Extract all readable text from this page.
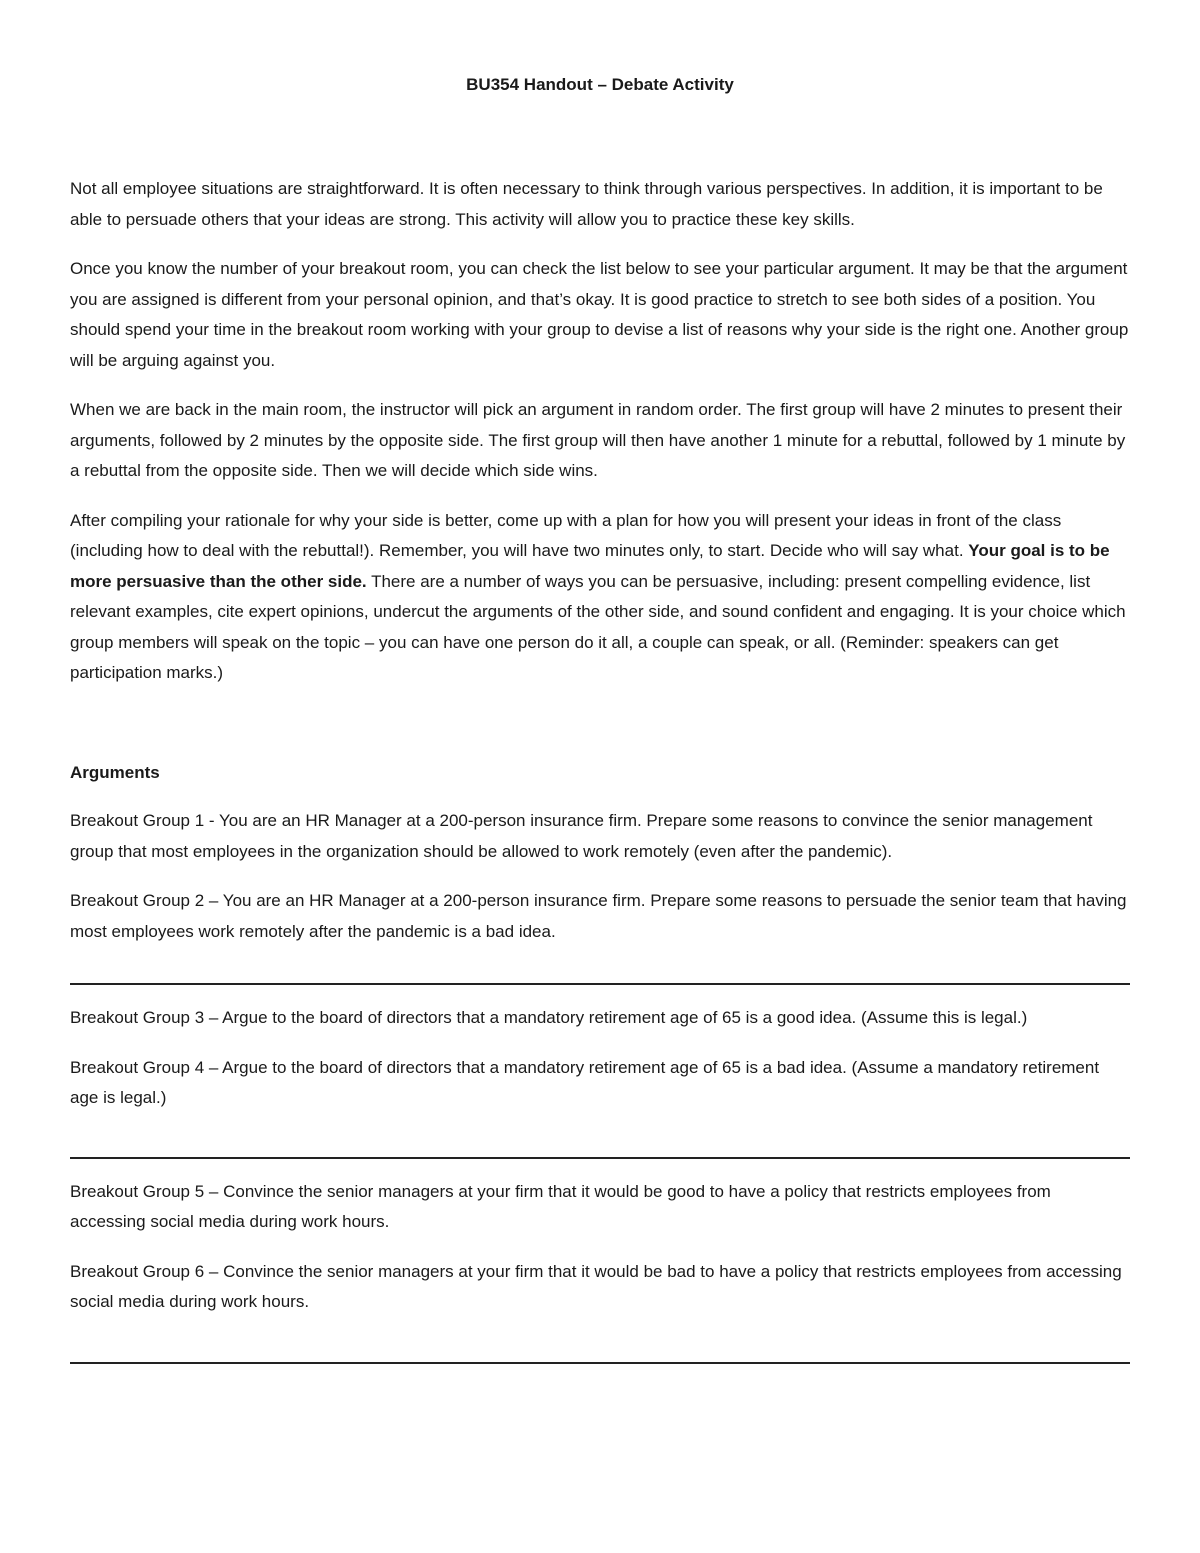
BU354 Handout – Debate Activity

Not all employee situations are straightforward. It is often necessary to think through various perspectives. In addition, it is important to be able to persuade others that your ideas are strong. This activity will allow you to practice these key skills.

Once you know the number of your breakout room, you can check the list below to see your particular argument. It may be that the argument you are assigned is different from your personal opinion, and that’s okay. It is good practice to stretch to see both sides of a position. You should spend your time in the breakout room working with your group to devise a list of reasons why your side is the right one. Another group will be arguing against you.

When we are back in the main room, the instructor will pick an argument in random order. The first group will have 2 minutes to present their arguments, followed by 2 minutes by the opposite side. The first group will then have another 1 minute for a rebuttal, followed by 1 minute by a rebuttal from the opposite side. Then we will decide which side wins.

After compiling your rationale for why your side is better, come up with a plan for how you will present your ideas in front of the class (including how to deal with the rebuttal!). Remember, you will have two minutes only, to start. Decide who will say what. Your goal is to be more persuasive than the other side. There are a number of ways you can be persuasive, including: present compelling evidence, list relevant examples, cite expert opinions, undercut the arguments of the other side, and sound confident and engaging. It is your choice which group members will speak on the topic – you can have one person do it all, a couple can speak, or all. (Reminder: speakers can get participation marks.)

Arguments

Breakout Group 1 - You are an HR Manager at a 200-person insurance firm. Prepare some reasons to convince the senior management group that most employees in the organization should be allowed to work remotely (even after the pandemic).

Breakout Group 2 – You are an HR Manager at a 200-person insurance firm. Prepare some reasons to persuade the senior team that having most employees work remotely after the pandemic is a bad idea.

Breakout Group 3 – Argue to the board of directors that a mandatory retirement age of 65 is a good idea. (Assume this is legal.)

Breakout Group 4 – Argue to the board of directors that a mandatory retirement age of 65 is a bad idea. (Assume a mandatory retirement age is legal.)

Breakout Group 5 – Convince the senior managers at your firm that it would be good to have a policy that restricts employees from accessing social media during work hours.

Breakout Group 6 – Convince the senior managers at your firm that it would be bad to have a policy that restricts employees from accessing social media during work hours.
